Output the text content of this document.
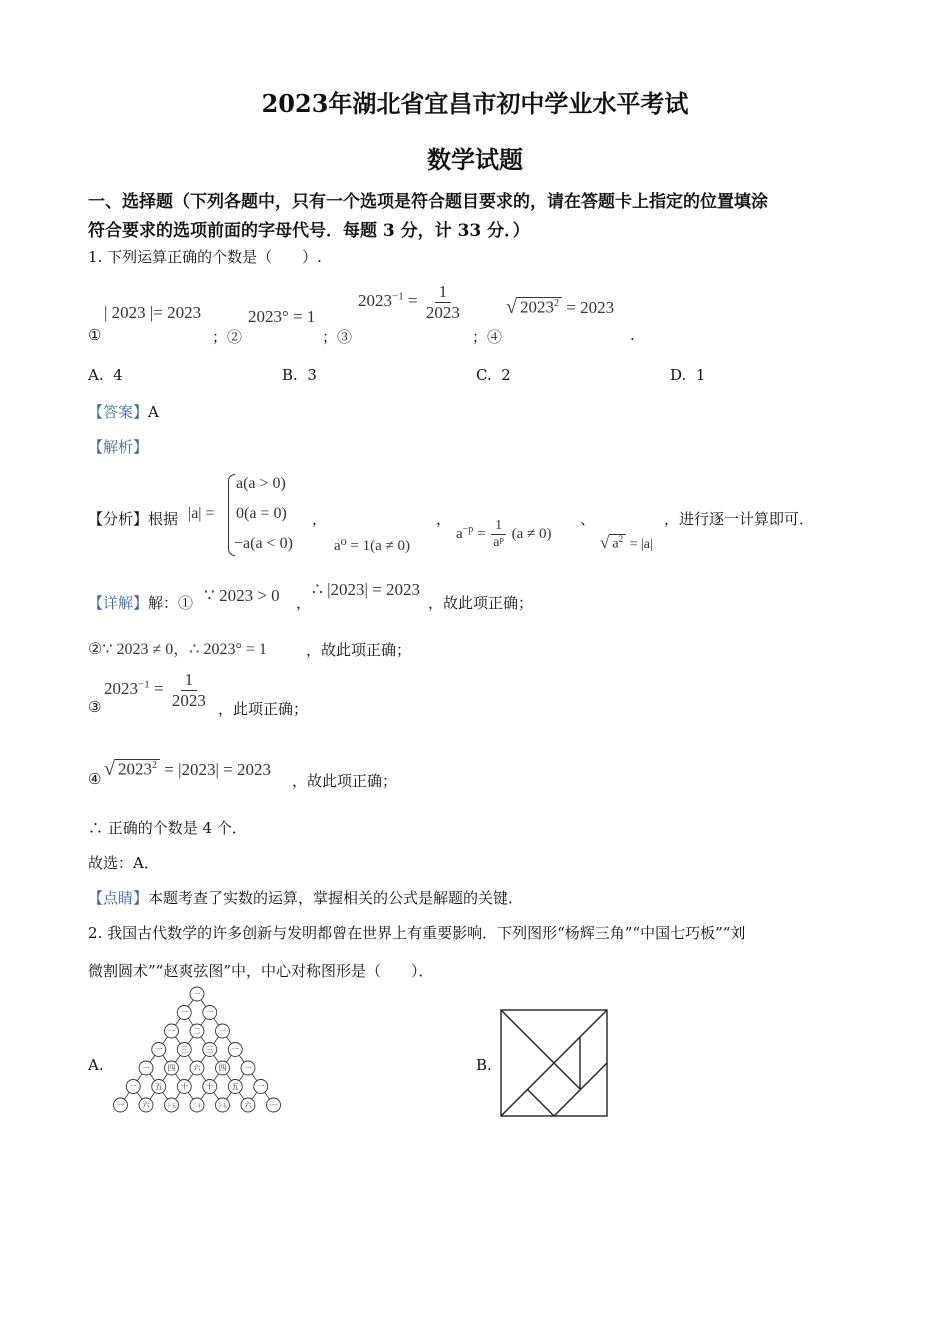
2023年湖北省宜昌市初中学业水平考试
数学试题
一、选择题（下列各题中，只有一个选项是符合题目要求的，请在答题卡上指定的位置填涂
符合要求的选项前面的字母代号．每题 3 分，计 33 分．）
1. 下列运算正确的个数是（　　）.
①
| 2023 |= 2023
；②
2023° = 1
；③
$2023^{-1} = \frac{1}{2023}$
；④
√ $2023^2 = 2023$
.
A. 4	B. 3	C. 2	D. 1
【答案】A
【解析】
【分析】根据 |a| =
a(a > 0)
0(a = 0)
−a(a < 0)
，
a⁰ = 1(a ≠ 0)
，
$a^{-p} = \frac{1}{\text{aᵖ}} (a \ne 0)$
、
√ $a^2 = |a|$
，进行逐一计算即可．
【详解】解：① ∵ 2023 > 0 ，
∴ |2023| = 2023
，故此项正确；
②∵ 2023 ≠ 0，∴ 2023° = 1	，故此项正确；
③
$2023^{-1} = \frac{1}{2023}$ ，此项正确；
④ √ $2023^2 = |2023| = 2023$
，故此项正确；
∴ 正确的个数是 4 个．
故选：A．
【点睛】本题考查了实数的运算，掌握相关的公式是解题的关键．
2. 我国古代数学的许多创新与发明都曾在世界上有重要影响．下列图形“杨辉三角”“中国七巧板”“刘
微割圆术”“赵爽弦图”中，中心对称图形是（　　）．
A.
一
一 一
一 二 一
一 三 三 一
一 四 六 四 一
一 五 十 十 五 一
一 六	十五	二十	十五 六 一
B.
